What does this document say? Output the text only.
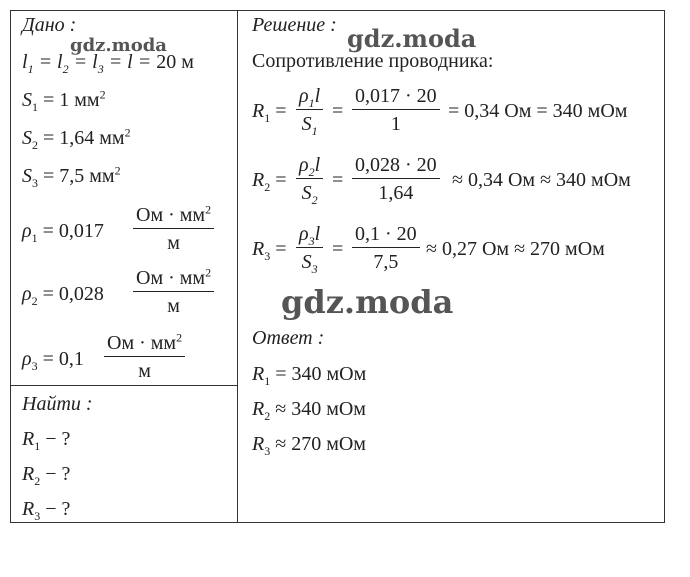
Дано :
$l_1 = l_2 = l_3 = l = 20$ м
$S_1 = 1$ $мм^2$
$S_2 = 1,64$ $мм^2$
$S_3 = 7,5$ $мм^2$
$\rho_1 = 0,017$
Ом · $мм^2$
м
$\rho_2 = 0,028$
Ом · $мм^2$
м
$\rho_3 = 0,1$
Ом · $мм^2$
м
Найти :
$R_1$ − ?
$R_2$ − ?
$R_3$ − ?
Решение :
Сопротивление проводника:
$R_1 = \frac{\rho_1l}{S_1} = \frac{0,017 \cdot 20}{1} = 0,34$ Ом = 340 мОм
$R_2 = \frac{\rho_2l}{S_2} = \frac{0,028 \cdot 20}{1,64} \approx 0,34$ Ом ≈ 340 мОм
$R_3 = \frac{\rho_3l}{S_3} = \frac{0,1 \cdot 20}{7,5} \approx 0,27$ Ом ≈ 270 мОм
Ответ :
$R_1 = 340$ мОм
$R_2 \approx 340$ мОм
$R_3 \approx 270$ мОм
gdz.moda	gdz.moda
gdz.moda
